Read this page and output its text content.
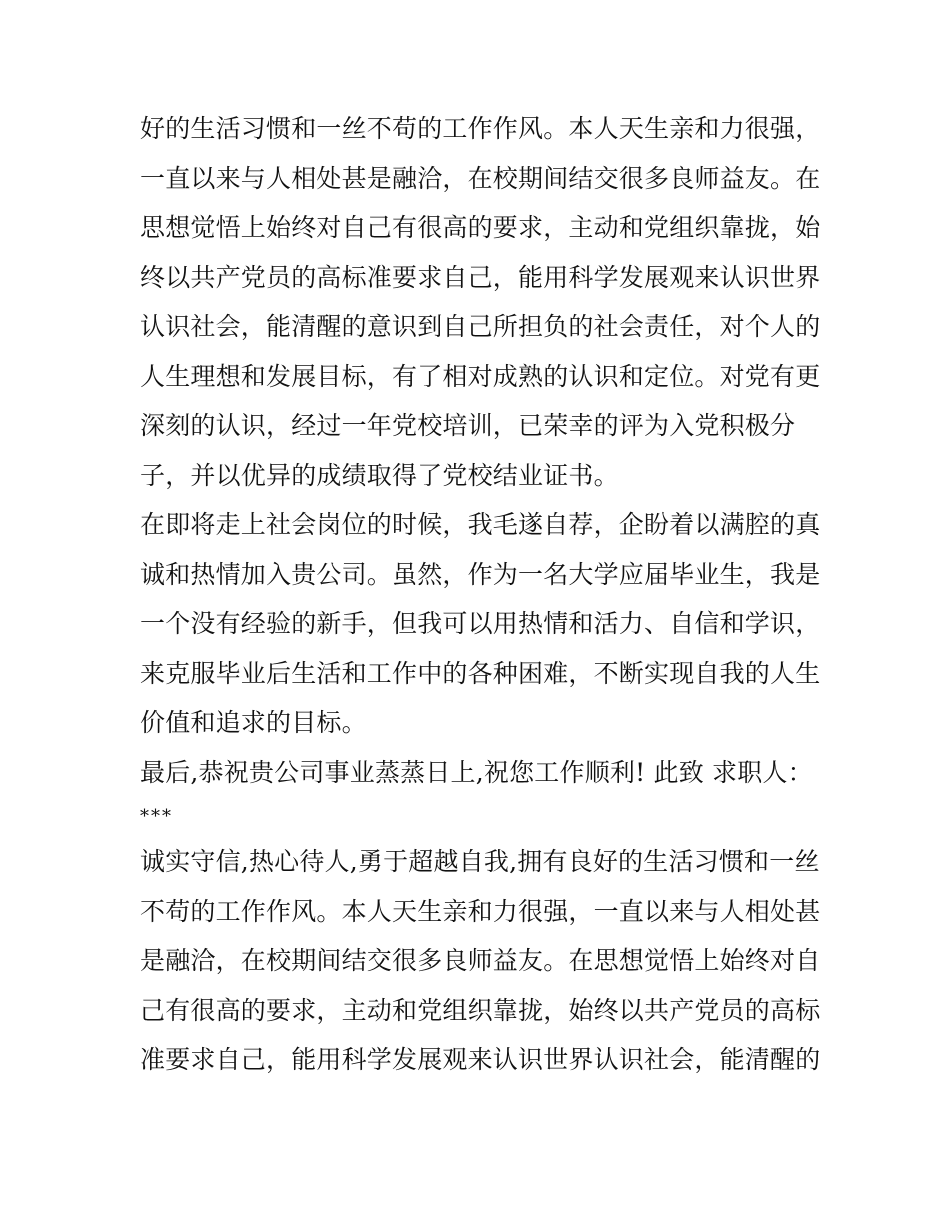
好的生活习惯和一丝不苟的工作作风。本人天生亲和力很强，
一直以来与人相处甚是融洽，在校期间结交很多良师益友。在
思想觉悟上始终对自己有很高的要求，主动和党组织靠拢，始
终以共产党员的高标准要求自己，能用科学发展观来认识世界
认识社会，能清醒的意识到自己所担负的社会责任，对个人的
人生理想和发展目标，有了相对成熟的认识和定位。对党有更
深刻的认识，经过一年党校培训，已荣幸的评为入党积极分
子，并以优异的成绩取得了党校结业证书。
在即将走上社会岗位的时候，我毛遂自荐，企盼着以满腔的真
诚和热情加入贵公司。虽然，作为一名大学应届毕业生，我是
一个没有经验的新手，但我可以用热情和活力、自信和学识，
来克服毕业后生活和工作中的各种困难，不断实现自我的人生
价值和追求的目标。
最后,恭祝贵公司事业蒸蒸日上,祝您工作顺利! 此致 求职人：
***
诚实守信,热心待人,勇于超越自我,拥有良好的生活习惯和一丝
不苟的工作作风。本人天生亲和力很强，一直以来与人相处甚
是融洽，在校期间结交很多良师益友。在思想觉悟上始终对自
己有很高的要求，主动和党组织靠拢，始终以共产党员的高标
准要求自己，能用科学发展观来认识世界认识社会，能清醒的
